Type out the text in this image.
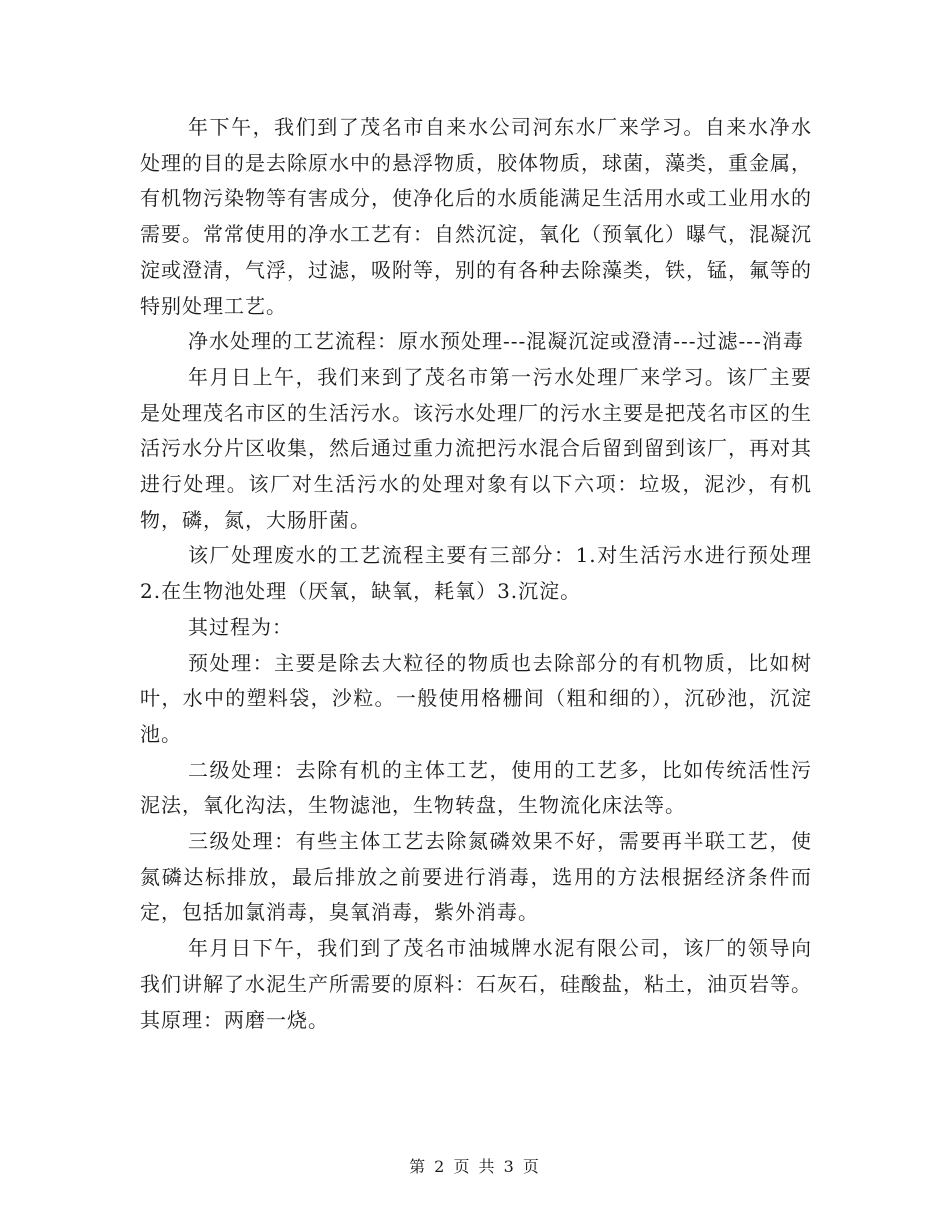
年下午，我们到了茂名市自来水公司河东水厂来学习。自来水净水处理的目的是去除原水中的悬浮物质，胶体物质，球菌，藻类，重金属，有机物污染物等有害成分，使净化后的水质能满足生活用水或工业用水的需要。常常使用的净水工艺有：自然沉淀，氧化（预氧化）曝气，混凝沉淀或澄清，气浮，过滤，吸附等，别的有各种去除藻类，铁，锰，氟等的特别处理工艺。

净水处理的工艺流程：原水预处理---混凝沉淀或澄清---过滤---消毒

年月日上午，我们来到了茂名市第一污水处理厂来学习。该厂主要是处理茂名市区的生活污水。该污水处理厂的污水主要是把茂名市区的生活污水分片区收集，然后通过重力流把污水混合后留到留到该厂，再对其进行处理。该厂对生活污水的处理对象有以下六项：垃圾，泥沙，有机物，磷，氮，大肠肝菌。

该厂处理废水的工艺流程主要有三部分：1.对生活污水进行预处理2.在生物池处理（厌氧，缺氧，耗氧）3.沉淀。

其过程为：

预处理：主要是除去大粒径的物质也去除部分的有机物质，比如树叶，水中的塑料袋，沙粒。一般使用格栅间（粗和细的），沉砂池，沉淀池。

二级处理：去除有机的主体工艺，使用的工艺多，比如传统活性污泥法，氧化沟法，生物滤池，生物转盘，生物流化床法等。

三级处理：有些主体工艺去除氮磷效果不好，需要再半联工艺，使氮磷达标排放，最后排放之前要进行消毒，选用的方法根据经济条件而定，包括加氯消毒，臭氧消毒，紫外消毒。

年月日下午，我们到了茂名市油城牌水泥有限公司，该厂的领导向我们讲解了水泥生产所需要的原料：石灰石，硅酸盐，粘土，油页岩等。其原理：两磨一烧。

第 2 页 共 3 页
